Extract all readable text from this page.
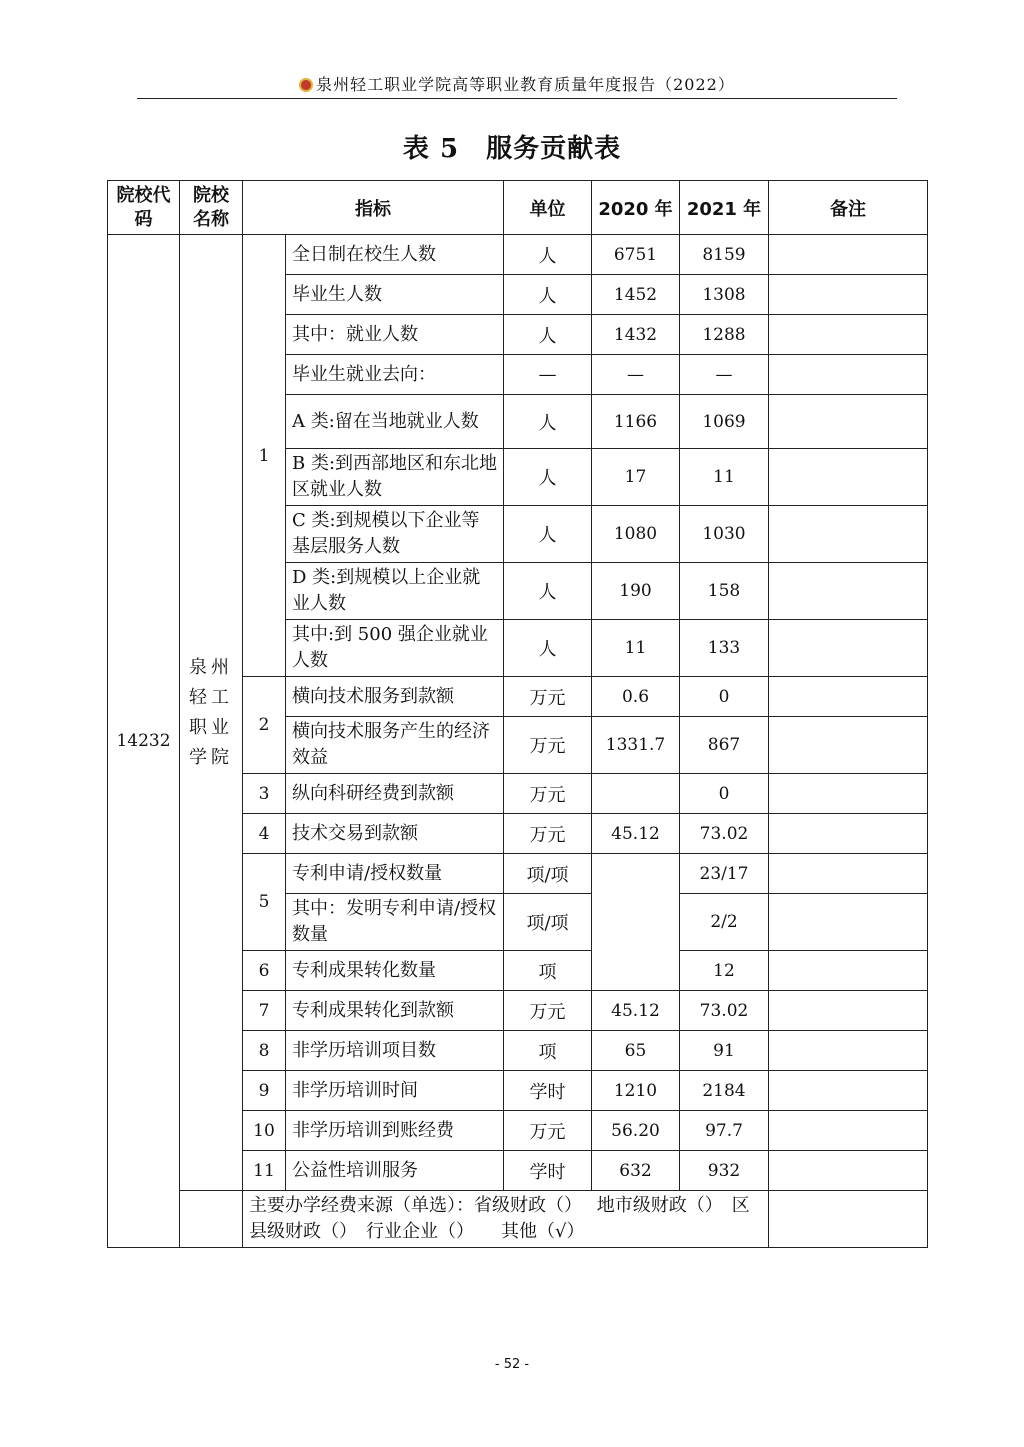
泉州轻工职业学院高等职业教育质量年度报告（2022）
表 5　服务贡献表
院校代码	院校名称	指标		单位	2020 年	2021 年	备注
14232	泉州轻工职业学院	1	全日制在校生人数	人	6751	8159	
			毕业生人数	人	1452	1308	
			其中：就业人数	人	1432	1288	
			毕业生就业去向：	—	—	—	
			A 类:留在当地就业人数	人	1166	1069	
			B 类:到西部地区和东北地区就业人数	人	17	11	
			C 类:到规模以下企业等基层服务人数	人	1080	1030	
			D 类:到规模以上企业就业人数	人	190	158	
			其中:到 500 强企业就业人数	人	11	133	
		2	横向技术服务到款额	万元	0.6	0	
			横向技术服务产生的经济效益	万元	1331.7	867	
		3	纵向科研经费到款额	万元		0	
		4	技术交易到款额	万元	45.12	73.02	
		5	专利申请/授权数量	项/项		23/17	
			其中：发明专利申请/授权数量	项/项		2/2	
		6	专利成果转化数量	项		12	
		7	专利成果转化到款额	万元	45.12	73.02	
		8	非学历培训项目数	项	65	91	
		9	非学历培训时间	学时	1210	2184	
		10	非学历培训到账经费	万元	56.20	97.7	
		11	公益性培训服务	学时	632	932	
		主要办学经费来源（单选）：省级财政（）　 地市级财政（）　区县级财政（）　行业企业（）　　其他（√）					
- 52 -
